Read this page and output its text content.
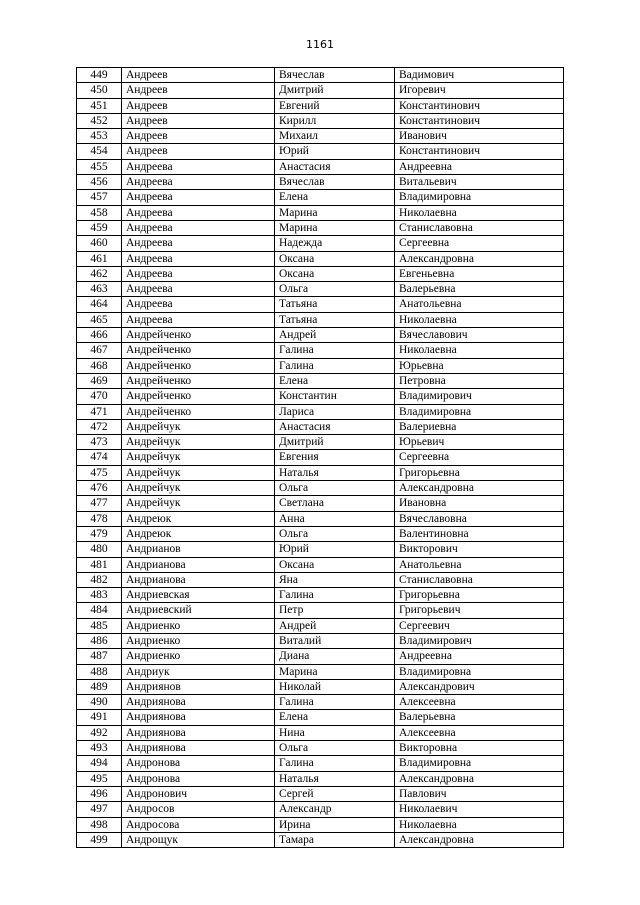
1161
449	Андреев	Вячеслав	Вадимович
450	Андреев	Дмитрий	Игоревич
451	Андреев	Евгений	Константинович
452	Андреев	Кирилл	Константинович
453	Андреев	Михаил	Иванович
454	Андреев	Юрий	Константинович
455	Андреева	Анастасия	Андреевна
456	Андреева	Вячеслав	Витальевич
457	Андреева	Елена	Владимировна
458	Андреева	Марина	Николаевна
459	Андреева	Марина	Станиславовна
460	Андреева	Надежда	Сергеевна
461	Андреева	Оксана	Александровна
462	Андреева	Оксана	Евгеньевна
463	Андреева	Ольга	Валерьевна
464	Андреева	Татьяна	Анатольевна
465	Андреева	Татьяна	Николаевна
466	Андрейченко	Андрей	Вячеславович
467	Андрейченко	Галина	Николаевна
468	Андрейченко	Галина	Юрьевна
469	Андрейченко	Елена	Петровна
470	Андрейченко	Константин	Владимирович
471	Андрейченко	Лариса	Владимировна
472	Андрейчук	Анастасия	Валериевна
473	Андрейчук	Дмитрий	Юрьевич
474	Андрейчук	Евгения	Сергеевна
475	Андрейчук	Наталья	Григорьевна
476	Андрейчук	Ольга	Александровна
477	Андрейчук	Светлана	Ивановна
478	Андреюк	Анна	Вячеславовна
479	Андреюк	Ольга	Валентиновна
480	Андрианов	Юрий	Викторович
481	Андрианова	Оксана	Анатольевна
482	Андрианова	Яна	Станиславовна
483	Андриевская	Галина	Григорьевна
484	Андриевский	Петр	Григорьевич
485	Андриенко	Андрей	Сергеевич
486	Андриенко	Виталий	Владимирович
487	Андриенко	Диана	Андреевна
488	Андриук	Марина	Владимировна
489	Андриянов	Николай	Александрович
490	Андриянова	Галина	Алексеевна
491	Андриянова	Елена	Валерьевна
492	Андриянова	Нина	Алексеевна
493	Андриянова	Ольга	Викторовна
494	Андронова	Галина	Владимировна
495	Андронова	Наталья	Александровна
496	Андронович	Сергей	Павлович
497	Андросов	Александр	Николаевич
498	Андросова	Ирина	Николаевна
499	Андрощук	Тамара	Александровна
